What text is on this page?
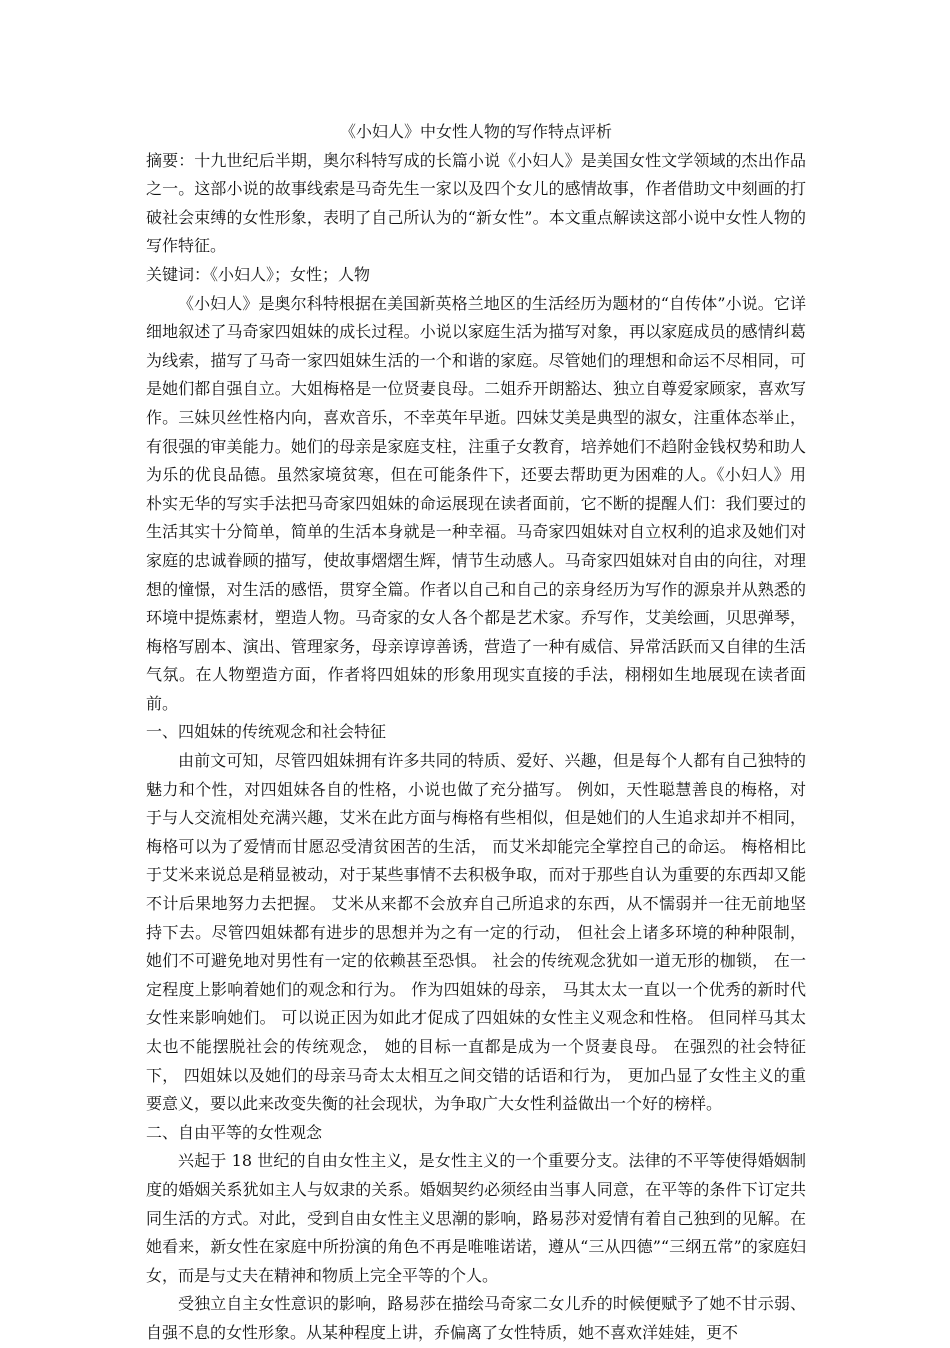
《小妇人》中女性人物的写作特点评析

摘要：十九世纪后半期，奥尔科特写成的长篇小说《小妇人》是美国女性文学领域的杰出作品之一。这部小说的故事线索是马奇先生一家以及四个女儿的感情故事，作者借助文中刻画的打破社会束缚的女性形象，表明了自己所认为的“新女性”。本文重点解读这部小说中女性人物的写作特征。

关键词：《小妇人》；女性；人物

《小妇人》是奥尔科特根据在美国新英格兰地区的生活经历为题材的“自传体”小说。它详细地叙述了马奇家四姐妹的成长过程。小说以家庭生活为描写对象，再以家庭成员的感情纠葛为线索，描写了马奇一家四姐妹生活的一个和谐的家庭。尽管她们的理想和命运不尽相同，可是她们都自强自立。大姐梅格是一位贤妻良母。二姐乔开朗豁达、独立自尊爱家顾家，喜欢写作。三妹贝丝性格内向，喜欢音乐，不幸英年早逝。四妹艾美是典型的淑女，注重体态举止，有很强的审美能力。她们的母亲是家庭支柱，注重子女教育，培养她们不趋附金钱权势和助人为乐的优良品德。虽然家境贫寒，但在可能条件下，还要去帮助更为困难的人。《小妇人》用朴实无华的写实手法把马奇家四姐妹的命运展现在读者面前，它不断的提醒人们：我们要过的生活其实十分简单，简单的生活本身就是一种幸福。马奇家四姐妹对自立权利的追求及她们对家庭的忠诚眷顾的描写，使故事熠熠生辉，情节生动感人。马奇家四姐妹对自由的向往，对理想的憧憬，对生活的感悟，贯穿全篇。作者以自己和自己的亲身经历为写作的源泉并从熟悉的环境中提炼素材，塑造人物。马奇家的女人各个都是艺术家。乔写作，艾美绘画，贝思弹琴，梅格写剧本、演出、管理家务，母亲谆谆善诱，营造了一种有威信、异常活跃而又自律的生活气氛。在人物塑造方面，作者将四姐妹的形象用现实直接的手法，栩栩如生地展现在读者面前。

一、四姐妹的传统观念和社会特征

由前文可知，尽管四姐妹拥有许多共同的特质、爱好、兴趣，但是每个人都有自己独特的魅力和个性，对四姐妹各自的性格，小说也做了充分描写。 例如，天性聪慧善良的梅格，对于与人交流相处充满兴趣，艾米在此方面与梅格有些相似，但是她们的人生追求却并不相同， 梅格可以为了爱情而甘愿忍受清贫困苦的生活， 而艾米却能完全掌控自己的命运。 梅格相比于艾米来说总是稍显被动，对于某些事情不去积极争取，而对于那些自认为重要的东西却又能不计后果地努力去把握。 艾米从来都不会放弃自己所追求的东西，从不懦弱并一往无前地坚持下去。尽管四姐妹都有进步的思想并为之有一定的行动， 但社会上诸多环境的种种限制，她们不可避免地对男性有一定的依赖甚至恐惧。 社会的传统观念犹如一道无形的枷锁， 在一定程度上影响着她们的观念和行为。 作为四姐妹的母亲， 马其太太一直以一个优秀的新时代女性来影响她们。 可以说正因为如此才促成了四姐妹的女性主义观念和性格。 但同样马其太太也不能摆脱社会的传统观念， 她的目标一直都是成为一个贤妻良母。 在强烈的社会特征下， 四姐妹以及她们的母亲马奇太太相互之间交错的话语和行为， 更加凸显了女性主义的重要意义，要以此来改变失衡的社会现状，为争取广大女性利益做出一个好的榜样。

二、自由平等的女性观念

兴起于 18 世纪的自由女性主义，是女性主义的一个重要分支。法律的不平等使得婚姻制度的婚姻关系犹如主人与奴隶的关系。婚姻契约必须经由当事人同意，在平等的条件下订定共同生活的方式。对此，受到自由女性主义思潮的影响，路易莎对爱情有着自己独到的见解。在她看来，新女性在家庭中所扮演的角色不再是唯唯诺诺，遵从“三从四德”“三纲五常”的家庭妇女，而是与丈夫在精神和物质上完全平等的个人。

受独立自主女性意识的影响，路易莎在描绘马奇家二女儿乔的时候便赋予了她不甘示弱、自强不息的女性形象。从某种程度上讲，乔偏离了女性特质，她不喜欢洋娃娃，更不
